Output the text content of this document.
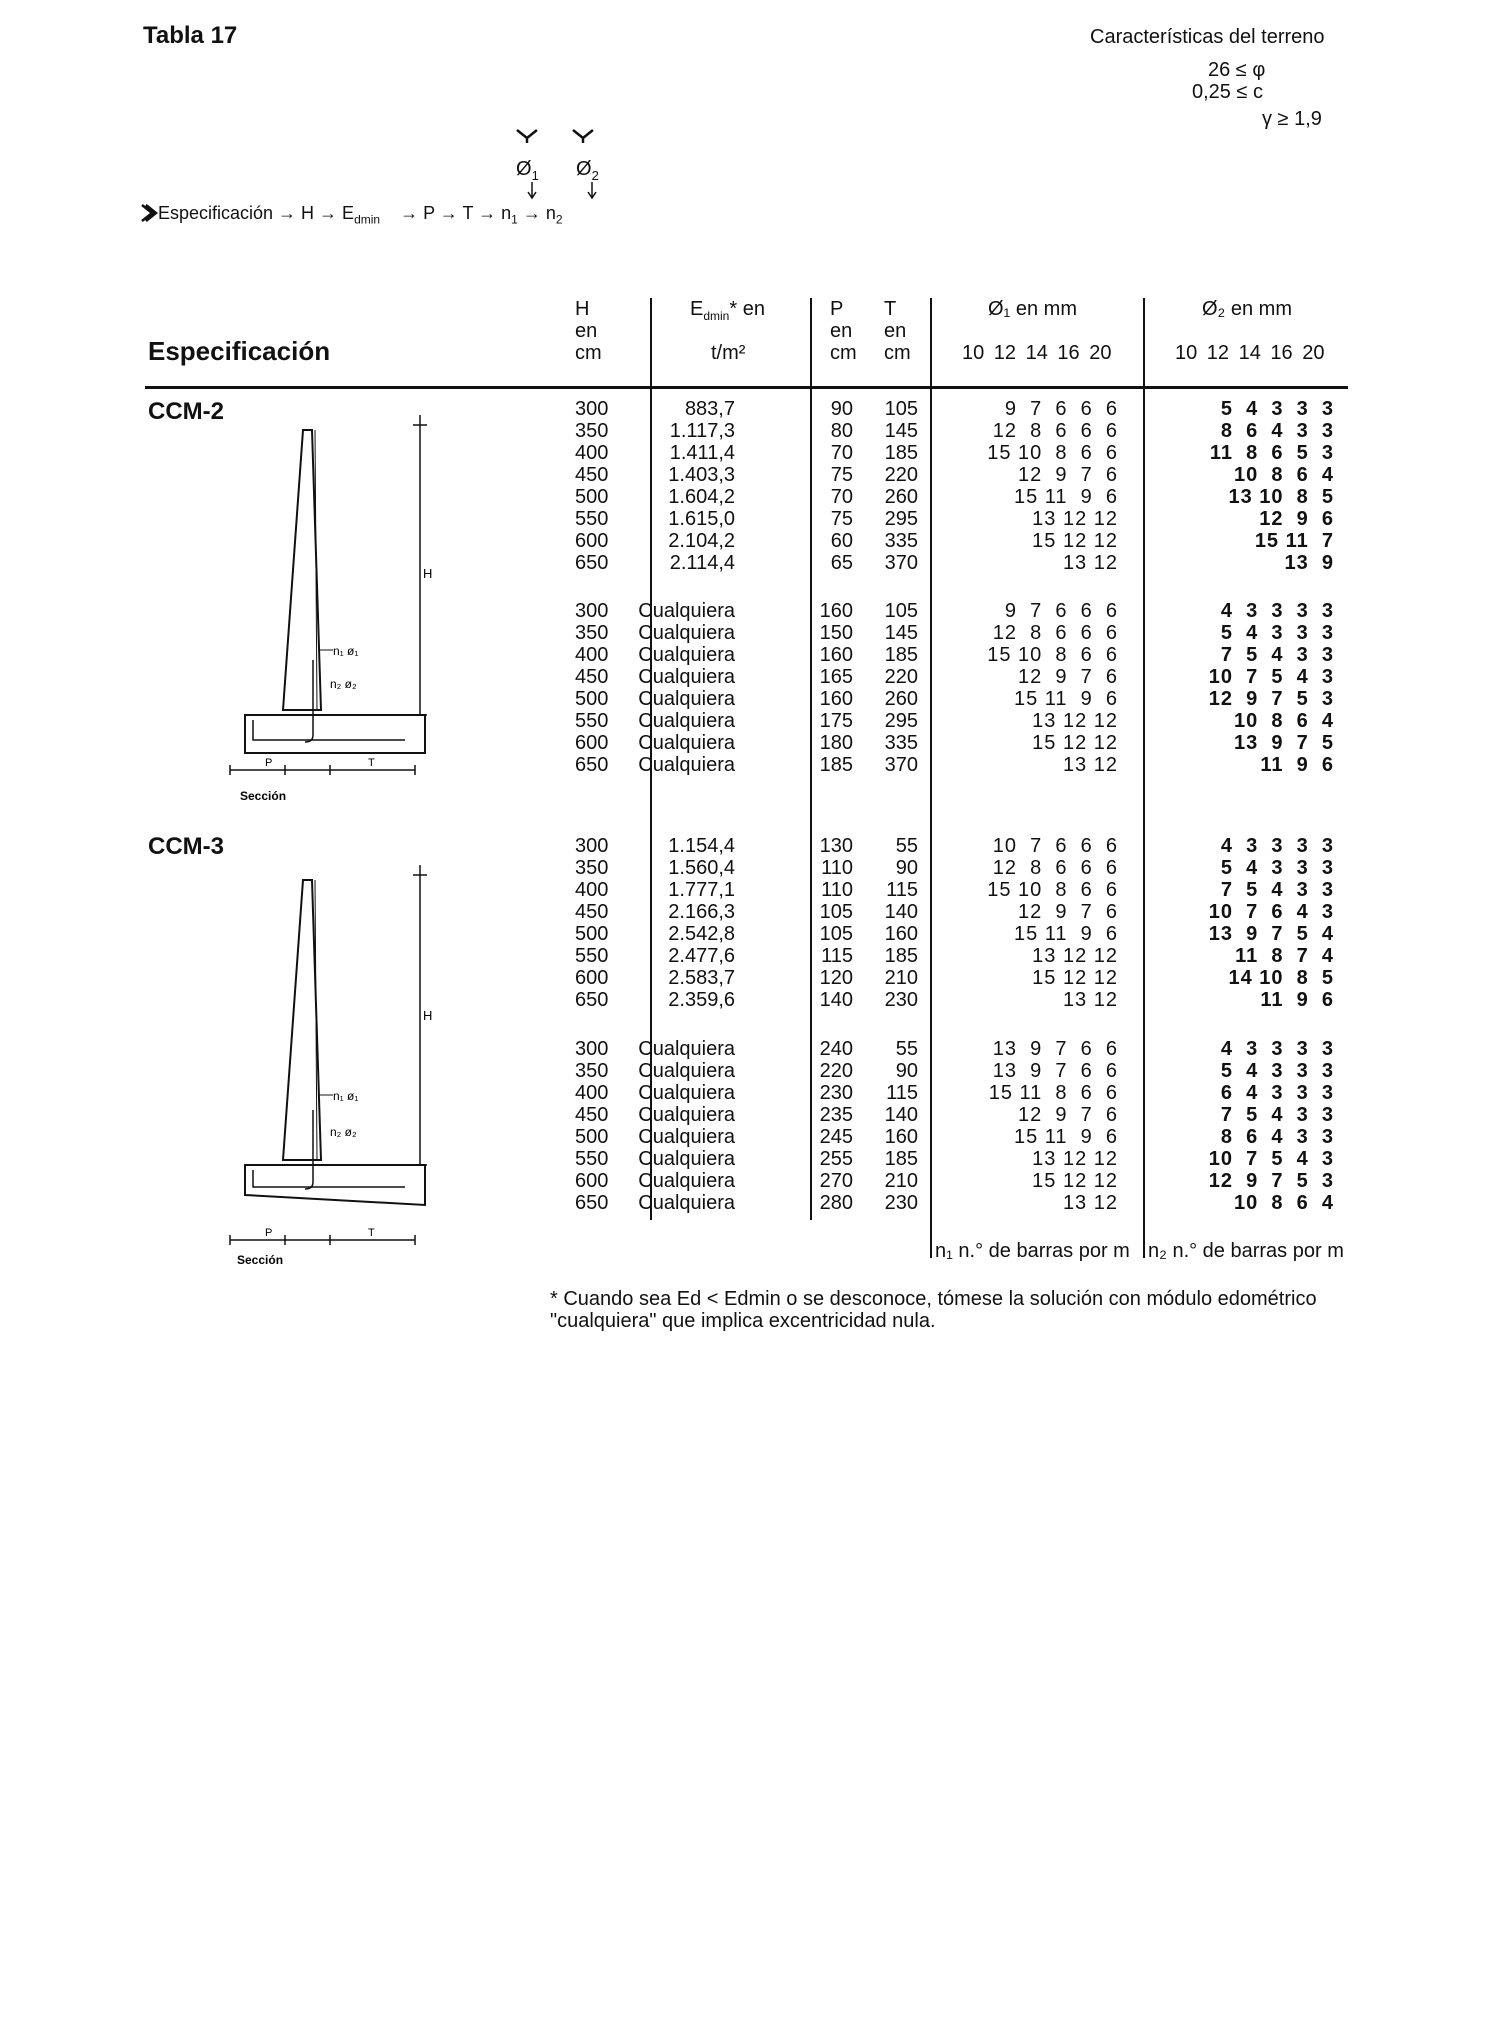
Tabla 17	Características del terreno
26 ≤ φ
0,25 ≤ c
γ ≥ 1,9
$Ø_1$ $Ø_2$
Especificación → $H \to E_{dmin} \to P \to T \to n_1 \to n_2$
Especificación
H
en
cm
$E_{dmin}*$ en
t/m²
P
en
cm
T
en
cm
Ø₁ en mm
10 12 14 16 20
Ø₂ en mm
10 12 14 16 20
CCM-2
CCM-3
300	883,7	90	105	9  7  6  6  6	5  4  3  3  3
350	1.117,3	80	145	12  8  6  6  6	8  6  4  3  3
400	1.411,4	70	185	15 10  8  6  6	11  8  6  5  3
450	1.403,3	75	220	12  9  7  6	10  8  6  4
500	1.604,2	70	260	15 11  9  6	13 10  8  5
550	1.615,0	75	295	13 12 12	12  9  6
600	2.104,2	60	335	15 12 12	15 11  7
650	2.114,4	65	370	13 12	13  9
300	Cualquiera	160	105	9  7  6  6  6	4  3  3  3  3
350	Cualquiera	150	145	12  8  6  6  6	5  4  3  3  3
400	Cualquiera	160	185	15 10  8  6  6	7  5  4  3  3
450	Cualquiera	165	220	12  9  7  6	10  7  5  4  3
500	Cualquiera	160	260	15 11  9  6	12  9  7  5  3
550	Cualquiera	175	295	13 12 12	10  8  6  4
600	Cualquiera	180	335	15 12 12	13  9  7  5
650	Cualquiera	185	370	13 12	11  9  6
300	1.154,4	130	55	10  7  6  6  6	4  3  3  3  3
350	1.560,4	110	90	12  8  6  6  6	5  4  3  3  3
400	1.777,1	110	115	15 10  8  6  6	7  5  4  3  3
450	2.166,3	105	140	12  9  7  6	10  7  6  4  3
500	2.542,8	105	160	15 11  9  6	13  9  7  5  4
550	2.477,6	115	185	13 12 12	11  8  7  4
600	2.583,7	120	210	15 12 12	14 10  8  5
650	2.359,6	140	230	13 12	11  9  6
300	Cualquiera	240	55	13  9  7  6  6	4  3  3  3  3
350	Cualquiera	220	90	13  9  7  6  6	5  4  3  3  3
400	Cualquiera	230	115	15 11  8  6  6	6  4  3  3  3
450	Cualquiera	235	140	12  9  7  6	7  5  4  3  3
500	Cualquiera	245	160	15 11  9  6	8  6  4  3  3
550	Cualquiera	255	185	13 12 12	10  7  5  4  3
600	Cualquiera	270	210	15 12 12	12  9  7  5  3
650	Cualquiera	280	230	13 12	10  8  6  4
n₁ n.° de barras por m n₂ n.° de barras por m
* Cuando sea Ed < Edmin o se desconoce, tómese la solución con módulo edométrico "cualquiera" que implica excentricidad nula.
H
n₁ ø₁
n₂ ø₂
P	T
Sección
H
n₁ ø₁
n₂ ø₂
P	T
Sección
